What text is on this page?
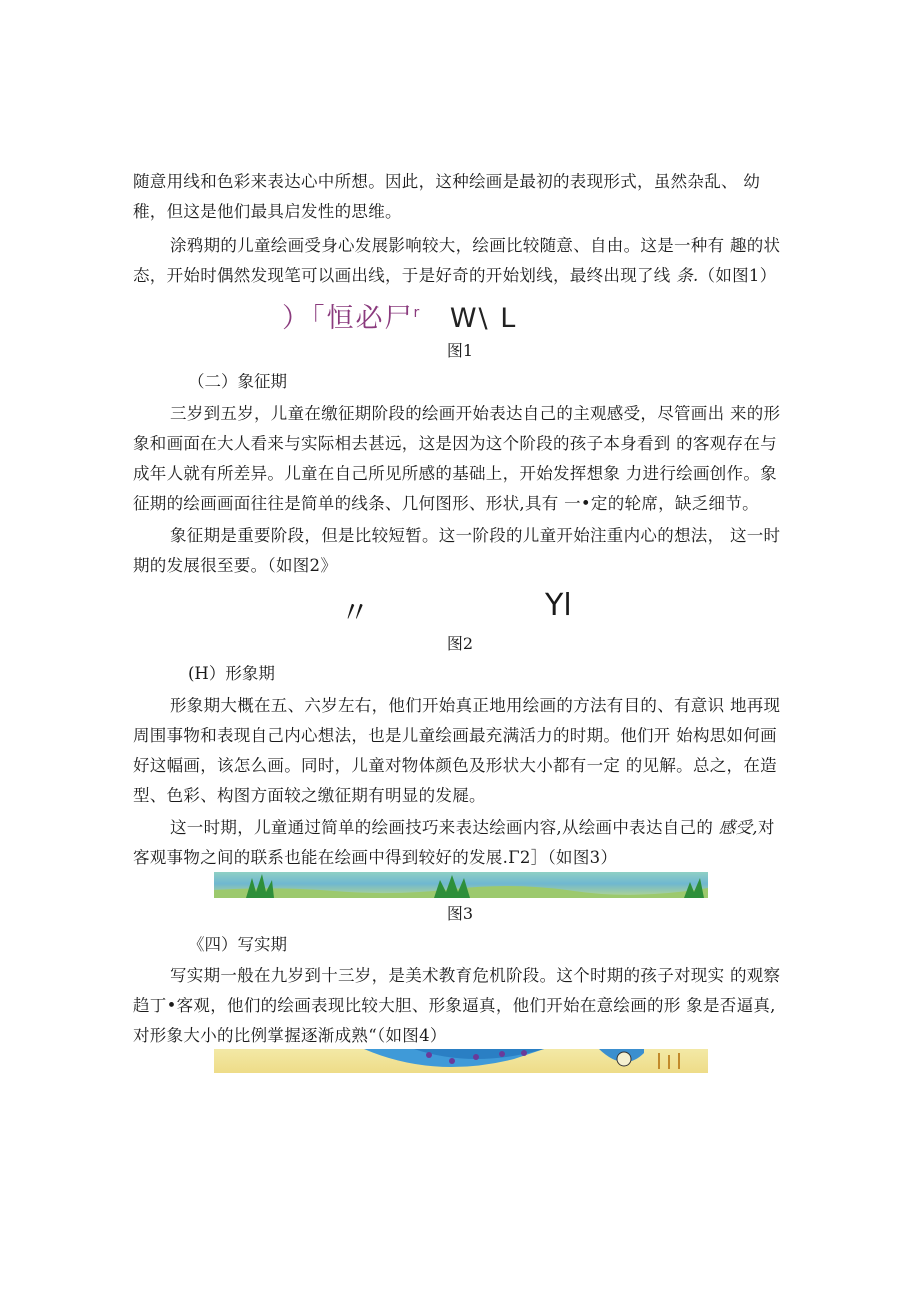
随意用线和色彩来表达心中所想。因此，这种绘画是最初的表现形式，虽然杂乱、 幼
稚，但这是他们最具启发性的思维。
涂鸦期的儿童绘画受身心发展影响较大，绘画比较随意、自由。这是一种有 趣的状
态，开始时偶然发现笔可以画出线，于是好奇的开始划线，最终出现了线 条.（如图1）
）「恒必尸$^r$ W\ L
图1
（二）象征期
三岁到五岁，儿童在缴征期阶段的绘画开始表达自己的主观感受，尽管画出 来的形
象和画面在大人看来与实际相去甚远，这是因为这个阶段的孩子本身看到 的客观存在与
成年人就有所差异。儿童在自己所见所感的基础上，开始发挥想象 力进行绘画创作。象
征期的绘画画面往往是简单的线条、几何图形、形状,具有 一•定的轮席，缺乏细节。
象征期是重要阶段，但是比较短暂。这一阶段的儿童开始注重内心的想法， 这一时
期的发展很至要。（如图2》
〃	Yl
图2
(H）形象期
形象期大概在五、六岁左右，他们开始真正地用绘画的方法有目的、有意识 地再现
周围事物和表现自己内心想法，也是儿童绘画最充满活力的时期。他们开 始构思如何画
好这幅画，该怎么画。同时，儿童对物体颜色及形状大小都有一定 的见解。总之，在造
型、色彩、构图方面较之缴征期有明显的发屣。
这一时期，儿童通过简单的绘画技巧来表达绘画内容,从绘画中表达自己的 感受,对
客观事物之间的联系也能在绘画中得到较好的发展.Γ2］（如图3）
图3
《四）写实期
写实期一般在九岁到十三岁，是美术教育危机阶段。这个时期的孩子对现实 的观察
趋丁•客观，他们的绘画表现比较大胆、形象逼真，他们开始在意绘画的形 象是否逼真,
对形象大小的比例掌握逐渐成熟“（如图4）
